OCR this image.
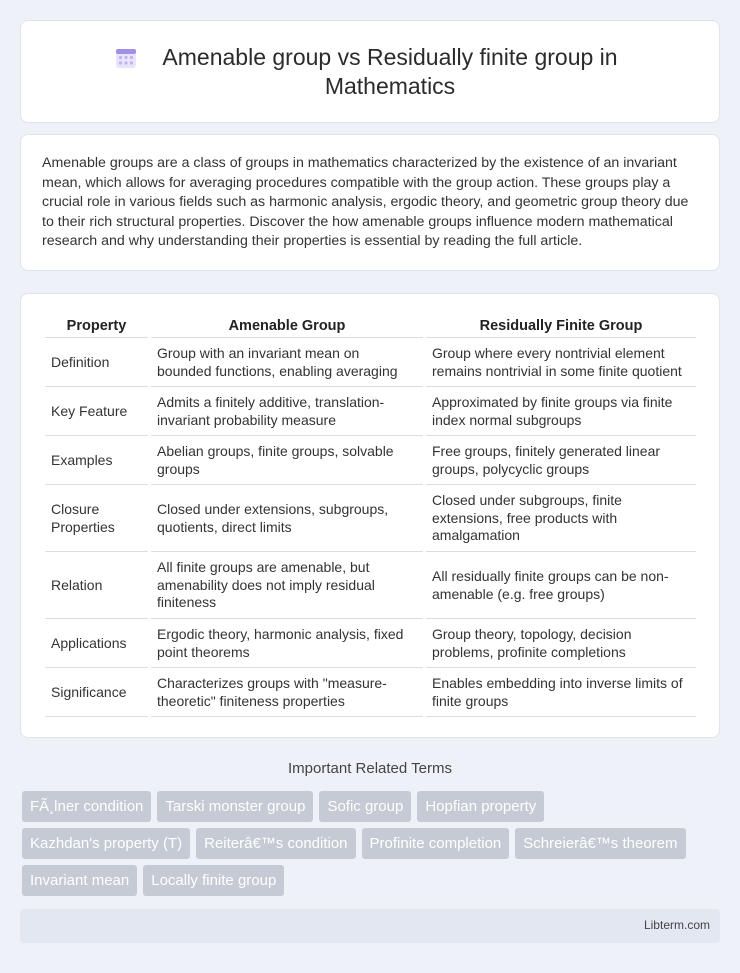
Amenable group vs Residually finite group in Mathematics

Amenable groups are a class of groups in mathematics characterized by the existence of an invariant mean, which allows for averaging procedures compatible with the group action. These groups play a crucial role in various fields such as harmonic analysis, ergodic theory, and geometric group theory due to their rich structural properties. Discover the how amenable groups influence modern mathematical research and why understanding their properties is essential by reading the full article.

Property	Amenable Group	Residually Finite Group
Definition	Group with an invariant mean on bounded functions, enabling averaging	Group where every nontrivial element remains nontrivial in some finite quotient
Key Feature	Admits a finitely additive, translation-invariant probability measure	Approximated by finite groups via finite index normal subgroups
Examples	Abelian groups, finite groups, solvable groups	Free groups, finitely generated linear groups, polycyclic groups
Closure Properties	Closed under extensions, subgroups, quotients, direct limits	Closed under subgroups, finite extensions, free products with amalgamation
Relation	All finite groups are amenable, but amenability does not imply residual finiteness	All residually finite groups can be non-amenable (e.g. free groups)
Applications	Ergodic theory, harmonic analysis, fixed point theorems	Group theory, topology, decision problems, profinite completions
Significance	Characterizes groups with "measure-theoretic" finiteness properties	Enables embedding into inverse limits of finite groups
Important Related Terms
FÃ¸lner condition	Tarski monster group	Sofic group	Hopfian property
Kazhdan's property (T)	Reiterâ€™s condition	Profinite completion	Schreierâ€™s theorem
Invariant mean	Locally finite group
Libterm.com
